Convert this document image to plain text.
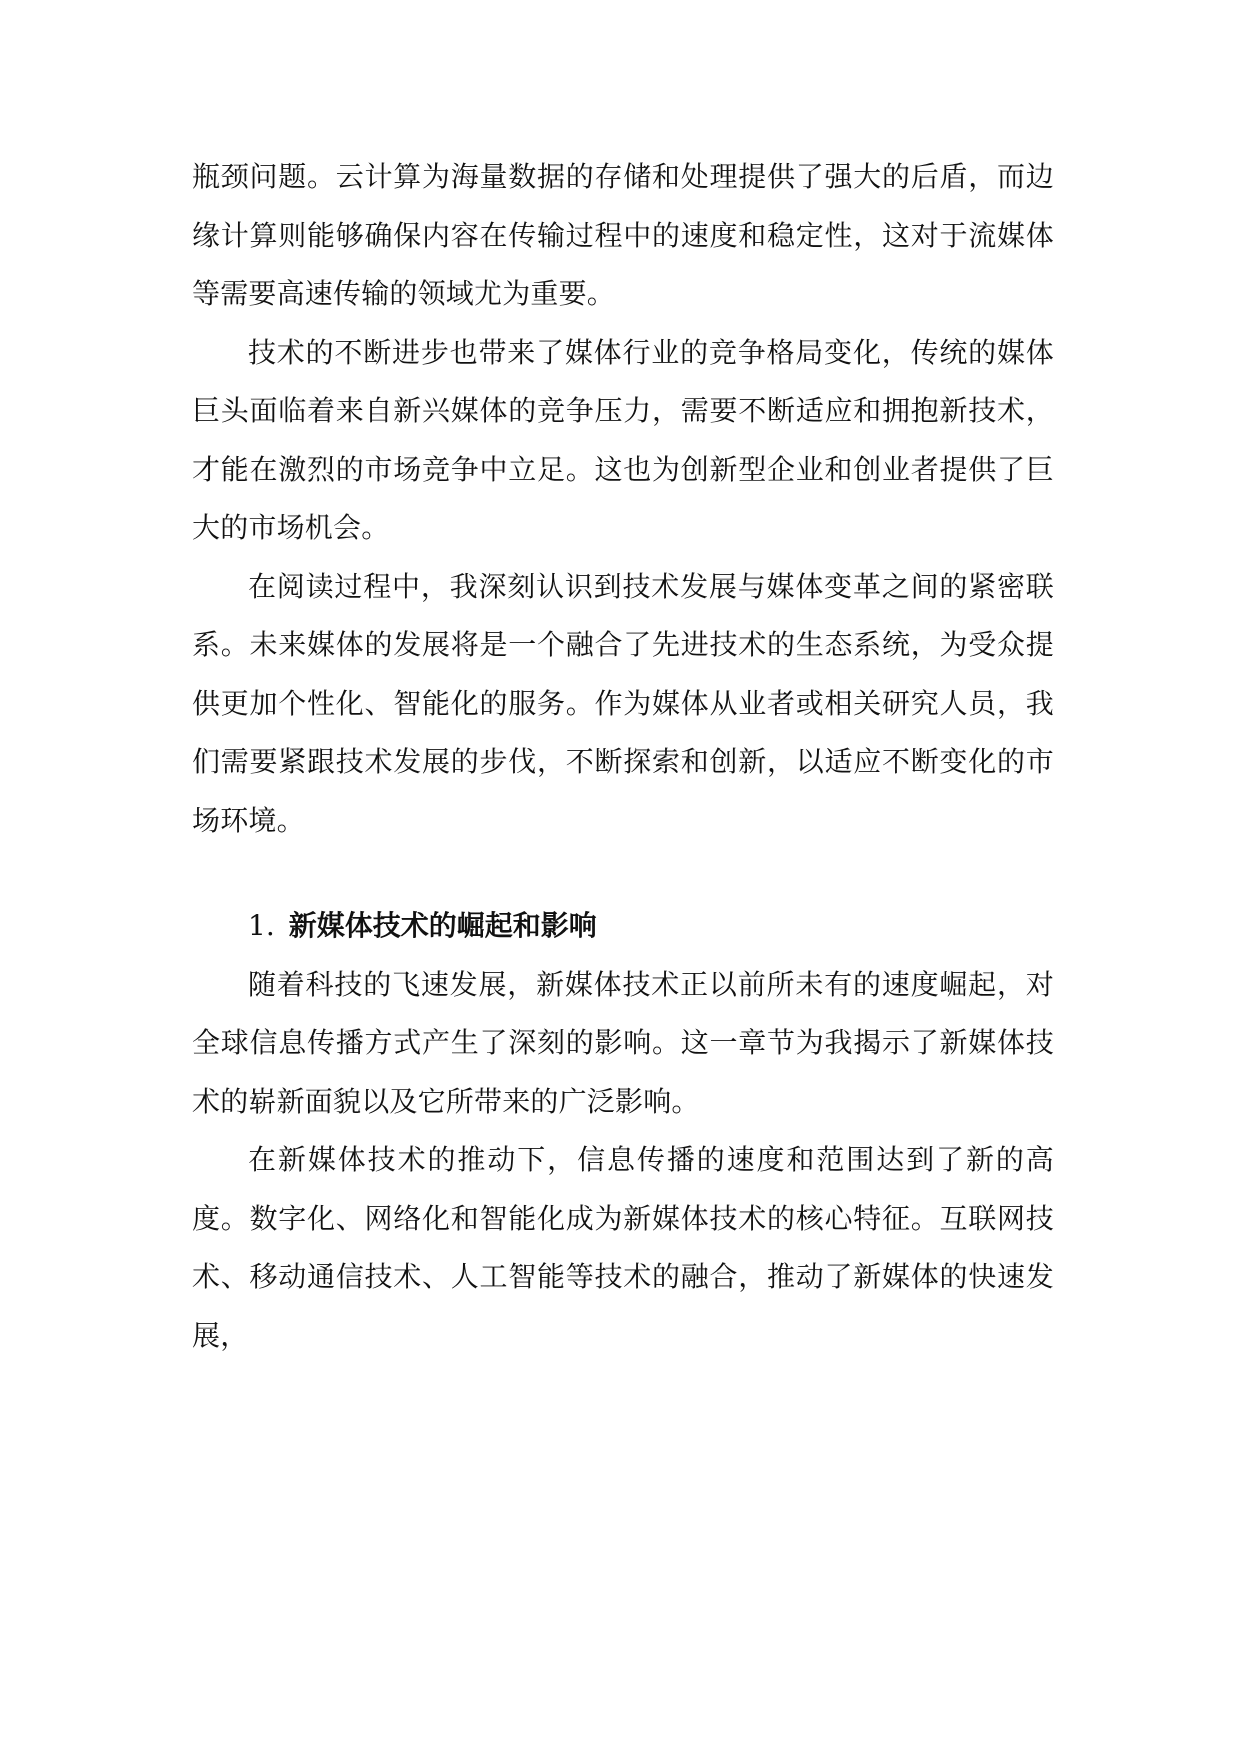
瓶颈问题。云计算为海量数据的存储和处理提供了强大的后盾，而边缘计算则能够确保内容在传输过程中的速度和稳定性，这对于流媒体等需要高速传输的领域尤为重要。

技术的不断进步也带来了媒体行业的竞争格局变化，传统的媒体巨头面临着来自新兴媒体的竞争压力，需要不断适应和拥抱新技术，才能在激烈的市场竞争中立足。这也为创新型企业和创业者提供了巨大的市场机会。

在阅读过程中，我深刻认识到技术发展与媒体变革之间的紧密联系。未来媒体的发展将是一个融合了先进技术的生态系统，为受众提供更加个性化、智能化的服务。作为媒体从业者或相关研究人员，我们需要紧跟技术发展的步伐，不断探索和创新，以适应不断变化的市场环境。

1. 新媒体技术的崛起和影响

随着科技的飞速发展，新媒体技术正以前所未有的速度崛起，对全球信息传播方式产生了深刻的影响。这一章节为我揭示了新媒体技术的崭新面貌以及它所带来的广泛影响。

在新媒体技术的推动下，信息传播的速度和范围达到了新的高度。数字化、网络化和智能化成为新媒体技术的核心特征。互联网技术、移动通信技术、人工智能等技术的融合，推动了新媒体的快速发展，
